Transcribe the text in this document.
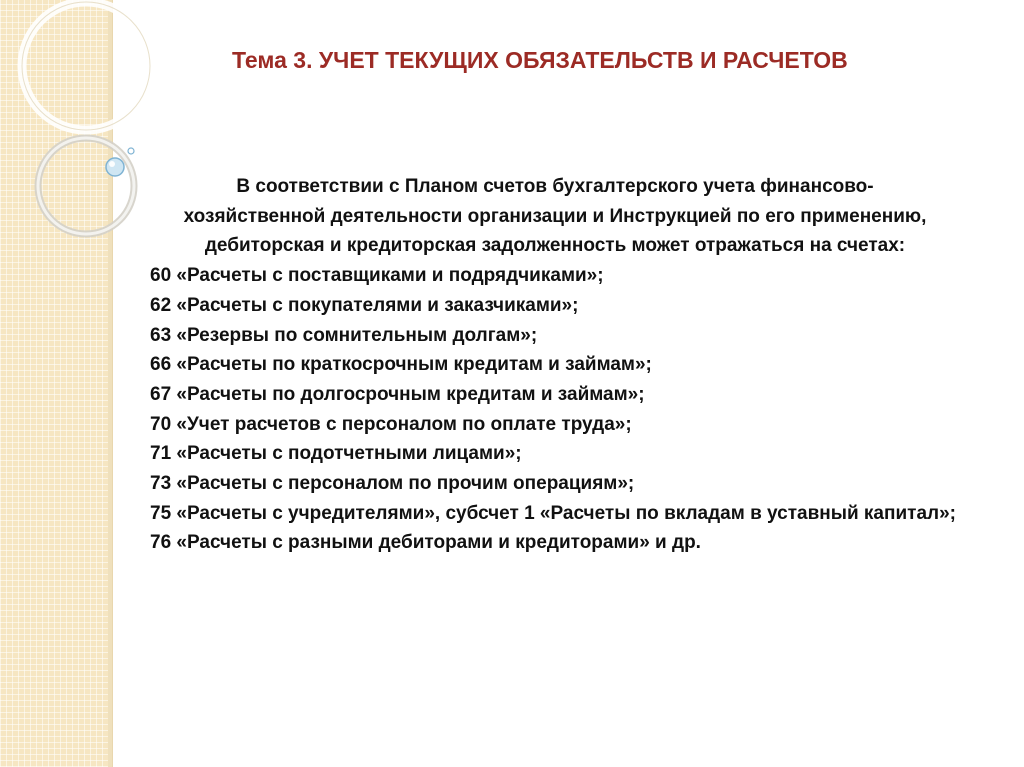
Тема 3. УЧЕТ ТЕКУЩИХ ОБЯЗАТЕЛЬСТВ И РАСЧЕТОВ
В соответствии с Планом счетов бухгалтерского учета финансово-хозяйственной деятельности организации и Инструкцией по его применению, дебиторская и кредиторская задолженность может отражаться на счетах:
60 «Расчеты с поставщиками и подрядчиками»;
62 «Расчеты с покупателями и заказчиками»;
63 «Резервы по сомнительным долгам»;
66 «Расчеты по краткосрочным кредитам и займам»;
67 «Расчеты по долгосрочным кредитам и займам»;
70 «Учет расчетов с персоналом по оплате труда»;
71 «Расчеты с подотчетными лицами»;
73 «Расчеты с персоналом по прочим операциям»;
75 «Расчеты с учредителями», субсчет 1 «Расчеты по вкладам в уставный капитал»;
76 «Расчеты с разными дебиторами и кредиторами» и др.
